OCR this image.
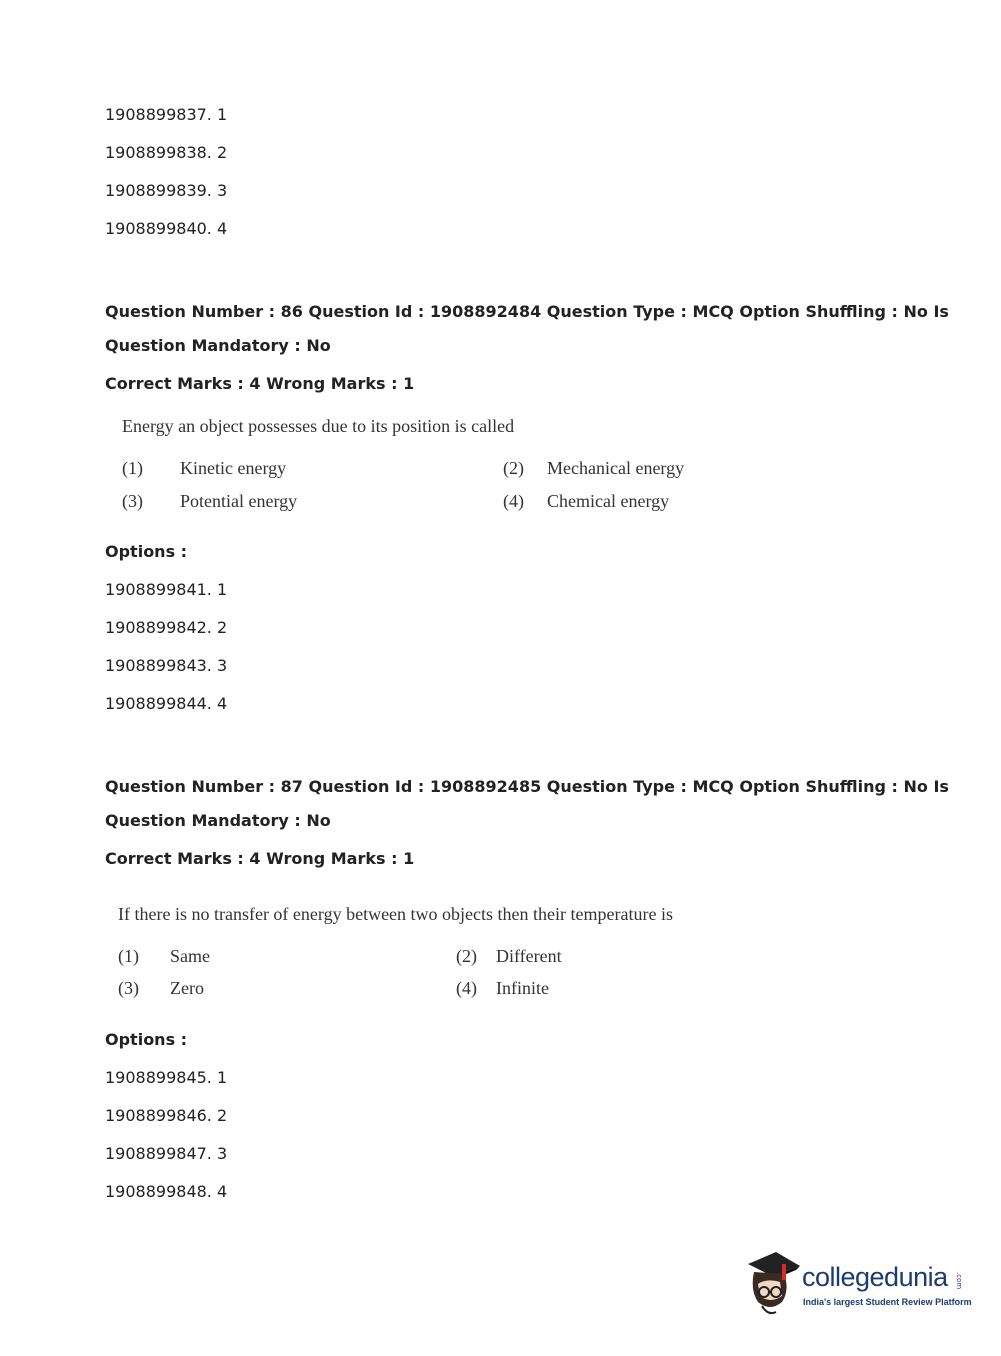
1908899837. 1
1908899838. 2
1908899839. 3
1908899840. 4
Question Number : 86 Question Id : 1908892484 Question Type : MCQ Option Shuffling : No Is
Question Mandatory : No
Correct Marks : 4 Wrong Marks : 1
Energy an object possesses due to its position is called
(1) Kinetic energy	(2) Mechanical energy
(3) Potential energy	(4) Chemical energy
Options :
1908899841. 1
1908899842. 2
1908899843. 3
1908899844. 4
Question Number : 87 Question Id : 1908892485 Question Type : MCQ Option Shuffling : No Is
Question Mandatory : No
Correct Marks : 4 Wrong Marks : 1
If there is no transfer of energy between two objects then their temperature is
(1) Same	(2) Different
(3) Zero	(4) Infinite
Options :
1908899845. 1
1908899846. 2
1908899847. 3
1908899848. 4
collegedunia .com
India's largest Student Review Platform
